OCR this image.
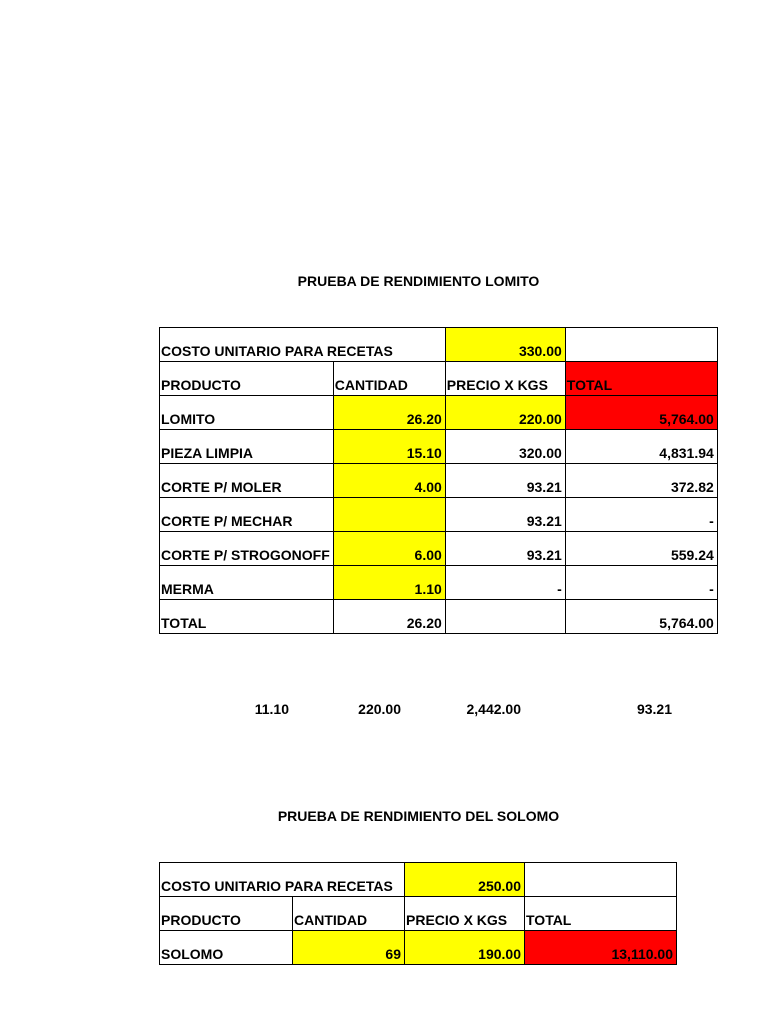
PRUEBA DE RENDIMIENTO LOMITO
COSTO UNITARIO PARA RECETAS		330.00	
PRODUCTO	CANTIDAD	PRECIO X KGS	TOTAL
LOMITO	26.20	220.00	5,764.00
PIEZA LIMPIA	15.10	320.00	4,831.94
CORTE P/ MOLER	4.00	93.21	372.82
CORTE P/ MECHAR		93.21	-
CORTE P/ STROGONOFF	6.00	93.21	559.24
MERMA	1.10	-	-
TOTAL	26.20		5,764.00
11.10	220.00	2,442.00	93.21
PRUEBA DE RENDIMIENTO DEL SOLOMO
COSTO UNITARIO PARA RECETAS		250.00	
PRODUCTO	CANTIDAD	PRECIO X KGS	TOTAL
SOLOMO	69	190.00	13,110.00
